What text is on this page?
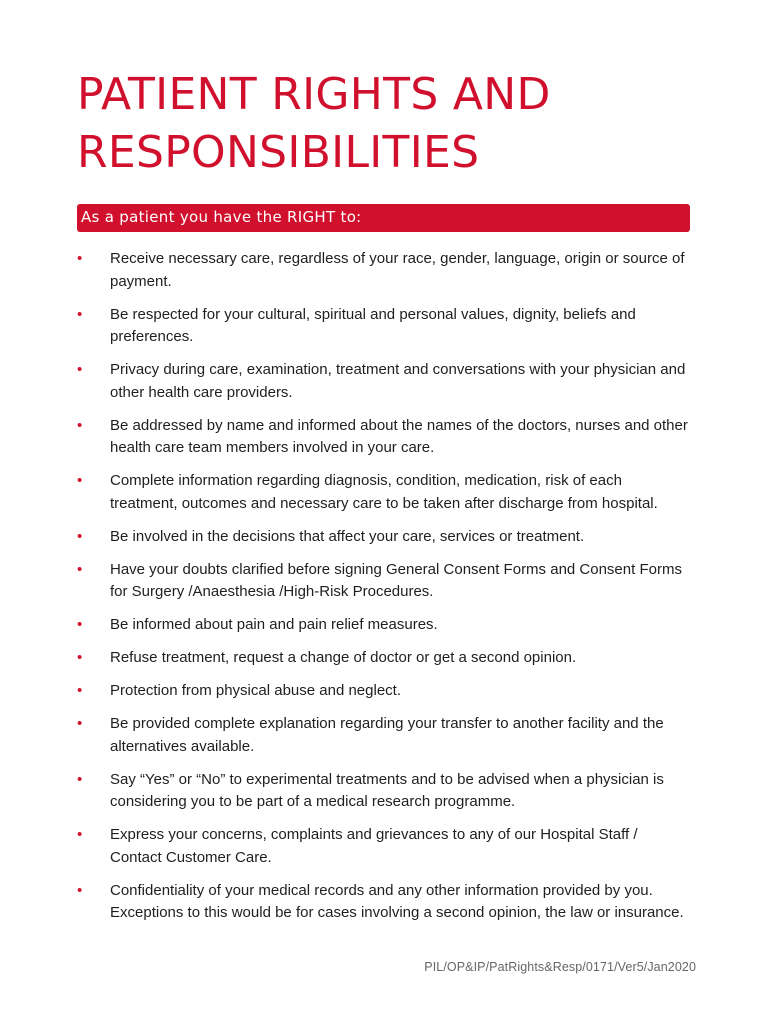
PATIENT RIGHTS AND RESPONSIBILITIES
As a patient you have the RIGHT to:
• Receive necessary care, regardless of your race, gender, language, origin or source of payment.
• Be respected for your cultural, spiritual and personal values, dignity, beliefs and preferences.
• Privacy during care, examination, treatment and conversations with your physician and other health care providers.
• Be addressed by name and informed about the names of the doctors, nurses and other health care team members involved in your care.
• Complete information regarding diagnosis, condition, medication, risk of each treatment, outcomes and necessary care to be taken after discharge from hospital.
• Be involved in the decisions that affect your care, services or treatment.
• Have your doubts clarified before signing General Consent Forms and Consent Forms for Surgery /Anaesthesia /High-Risk Procedures.
• Be informed about pain and pain relief measures.
• Refuse treatment, request a change of doctor or get a second opinion.
• Protection from physical abuse and neglect.
• Be provided complete explanation regarding your transfer to another facility and the alternatives available.
• Say “Yes” or “No” to experimental treatments and to be advised when a physician is considering you to be part of a medical research programme.
• Express your concerns, complaints and grievances to any of our Hospital Staff / Contact Customer Care.
• Confidentiality of your medical records and any other information provided by you. Exceptions to this would be for cases involving a second opinion, the law or insurance.
PIL/OP&IP/PatRights&Resp/0171/Ver5/Jan2020
